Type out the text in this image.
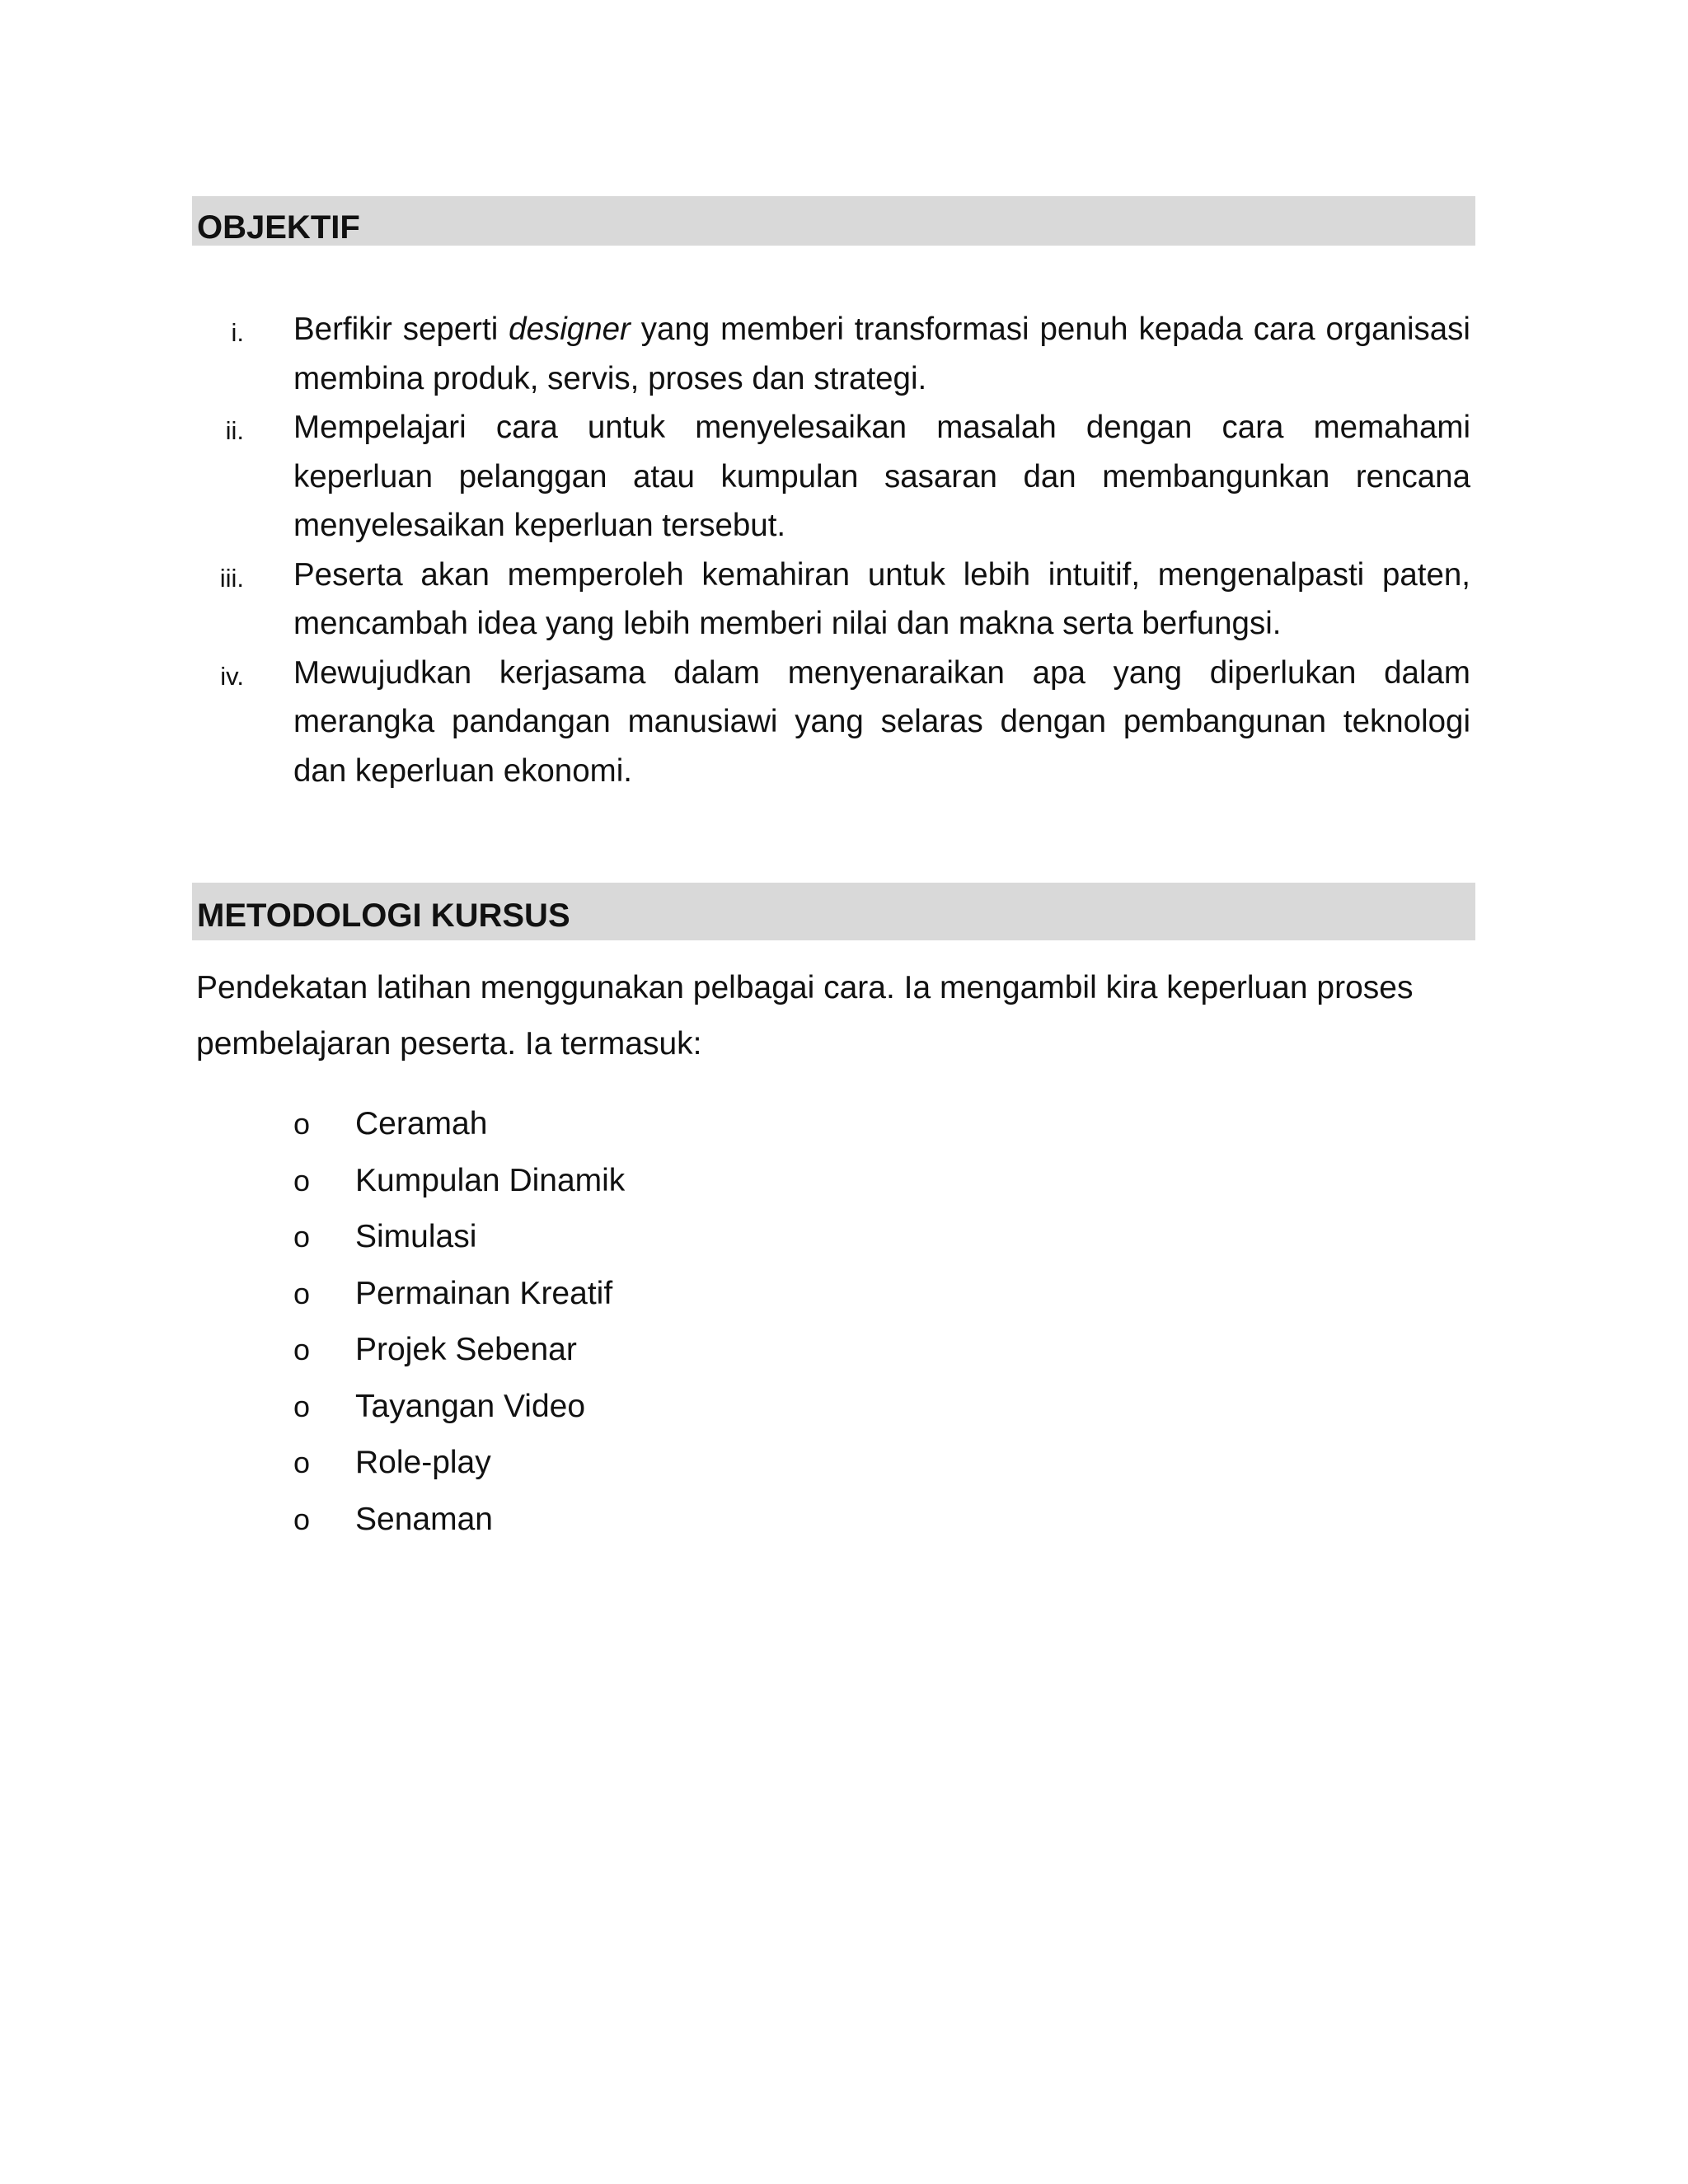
OBJEKTIF
i. Berfikir seperti designer yang memberi transformasi penuh kepada cara organisasi membina produk, servis, proses dan strategi.
ii. Mempelajari cara untuk menyelesaikan masalah dengan cara memahami keperluan pelanggan atau kumpulan sasaran dan membangunkan rencana menyelesaikan keperluan tersebut.
iii. Peserta akan memperoleh kemahiran untuk lebih intuitif, mengenalpasti paten, mencambah idea yang lebih memberi nilai dan makna serta berfungsi.
iv. Mewujudkan kerjasama dalam menyenaraikan apa yang diperlukan dalam merangka pandangan manusiawi yang selaras dengan pembangunan teknologi dan keperluan ekonomi.
METODOLOGI KURSUS

Pendekatan latihan menggunakan pelbagai cara. Ia mengambil kira keperluan proses pembelajaran peserta. Ia termasuk:

o Ceramah
o Kumpulan Dinamik
o Simulasi
o Permainan Kreatif
o Projek Sebenar
o Tayangan Video
o Role-play
o Senaman
